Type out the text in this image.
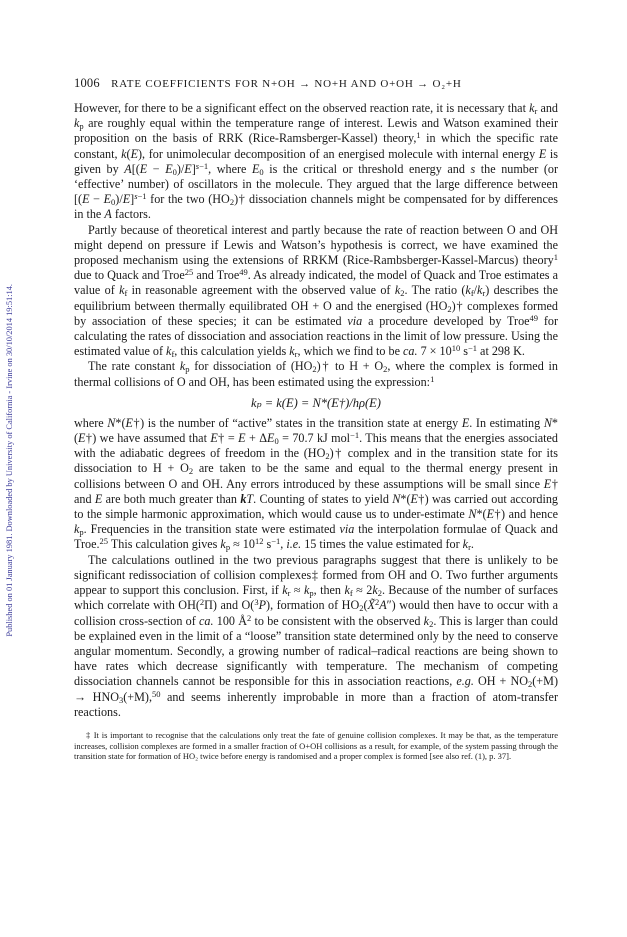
Published on 01 January 1981. Downloaded by University of California - Irvine on 30/10/2014 19:51:14.
1006 RATE COEFFICIENTS FOR N+OH → NO+H AND O+OH → O₂+H

However, for there to be a significant effect on the observed reaction rate, it is necessary that $k_r$ and $k_p$ are roughly equal within the temperature range of interest. Lewis and Watson examined their proposition on the basis of RRK (Rice-Ramsberger-Kassel) theory,$^1$ in which the specific rate constant, k(E), for unimolecular decomposition of an energised molecule with internal energy E is given by $A[(E - E_0)/E]^{s-1}$, where $E_0$ is the critical or threshold energy and s the number (or ‘effective’ number) of oscillators in the molecule. They argued that the large difference between $[(E - E_0)/E]^{s-1}$ for the two $(HO_2)\dagger$ dissociation channels might be compensated for by differences in the A factors.

Partly because of theoretical interest and partly because the rate of reaction between O and OH might depend on pressure if Lewis and Watson’s hypothesis is correct, we have examined the proposed mechanism using the extensions of RRKM (Rice-Rambsberger-Kassel-Marcus) theory$^1$ due to Quack and Troe$^{25}$ and Troe$^{49}$. As already indicated, the model of Quack and Troe estimates a value of $k_f$ in reasonable agreement with the observed value of $k_2$. The ratio $(k_f/k_r)$ describes the equilibrium between thermally equilibrated OH + O and the energised $(HO_2)\dagger$ complexes formed by association of these species; it can be estimated via a procedure developed by Troe$^{49}$ for calculating the rates of dissociation and association reactions in the limit of low pressure. Using the estimated value of $k_f$, this calculation yields $k_r$, which we find to be ca. $7 \times 10^{10}$ $s^{-1}$ at 298 K.

The rate constant $k_p$ for dissociation of $(HO_2)\dagger$ to $H + O_2$, where the complex is formed in thermal collisions of O and OH, has been estimated using the expression:$^1$

kₚ = k(E) = N*(E†)/hρ(E)

where N*(E†) is the number of “active” states in the transition state at energy E. In estimating N*(E†) we have assumed that E† = $E + \Delta E_0 = 70.7$ kJ mol$^{-1}$. This means that the energies associated with the adiabatic degrees of freedom in the $(HO_2)\dagger$ complex and in the transition state for its dissociation to $H + O_2$ are taken to be the same and equal to the thermal energy present in collisions between O and OH. Any errors introduced by these assumptions will be small since E† and E are both much greater than kT. Counting of states to yield N*(E†) was carried out according to the simple harmonic approximation, which would cause us to under-estimate N*(E†) and hence $k_p$. Frequencies in the transition state were estimated via the interpolation formulae of Quack and Troe.$^{25}$ This calculation gives $k_p \approx 10^{12}$ $s^{-1}$, i.e. 15 times the value estimated for $k_r$.

The calculations outlined in the two previous paragraphs suggest that there is unlikely to be significant redissociation of collision complexes‡ formed from OH and O. Two further arguments appear to support this conclusion. First, if $k_r \approx k_p$, then $k_f \approx 2k_2$. Because of the number of surfaces which correlate with OH($^2$Π) and O($^3$P), formation of $HO_2(X̃^2A'')$ would then have to occur with a collision cross-section of ca. 100 $Å^2$ to be consistent with the observed $k_2$. This is larger than could be explained even in the limit of a “loose” transition state determined only by the need to conserve angular momentum. Secondly, a growing number of radical–radical reactions are being shown to have rates which decrease significantly with temperature. The mechanism of competing dissociation channels cannot be responsible for this in association reactions, e.g. OH + $NO_2(+M) \to HNO_3(+M),^{50}$ and seems inherently improbable in more than a fraction of atom-transfer reactions.

‡ It is important to recognise that the calculations only treat the fate of genuine collision complexes. It may be that, as the temperature increases, collision complexes are formed in a smaller fraction of O+OH collisions as a result, for example, of the system passing through the transition state for formation of HO₂ twice before energy is randomised and a proper complex is formed [see also ref. (1), p. 37].
